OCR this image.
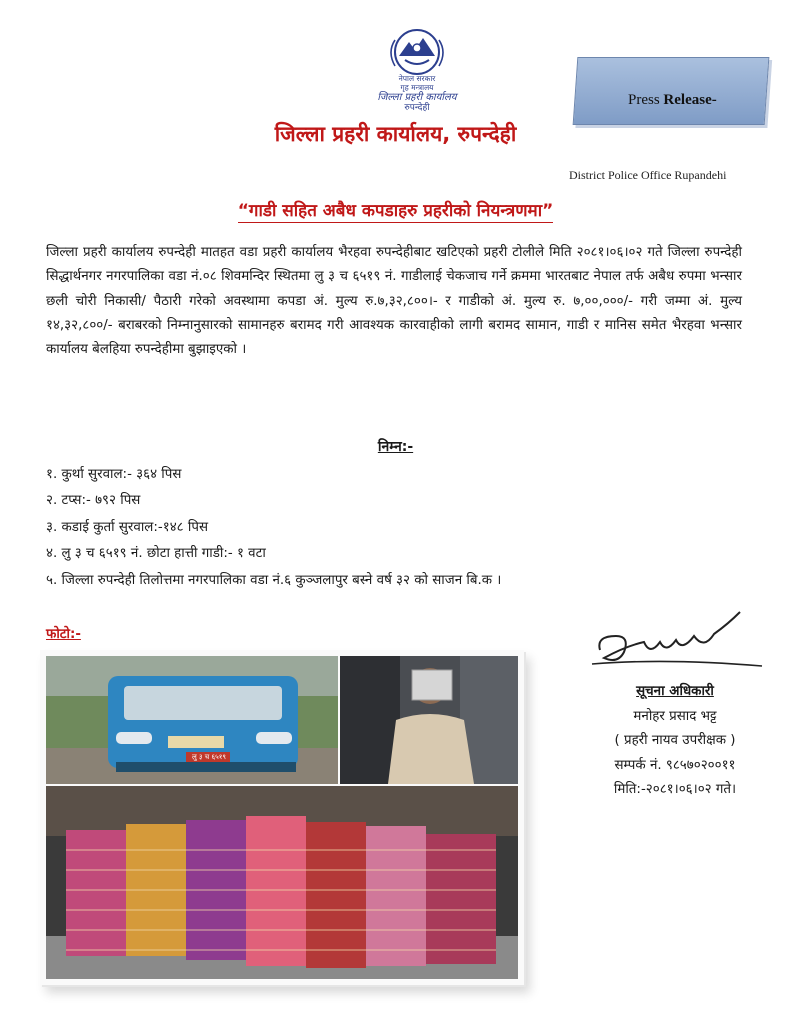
नेपाल सरकार
गृह मन्त्रालय
जिल्ला प्रहरी कार्यालय
रुपन्देही
जिल्ला प्रहरी कार्यालय, रुपन्देही
Press Release-
District Police Office Rupandehi
“गाडी सहित अबैध कपडाहरु प्रहरीको नियन्त्रणमा”
जिल्ला प्रहरी कार्यालय रुपन्देही मातहत वडा प्रहरी कार्यालय भैरहवा रुपन्देहीबाट खटिएको प्रहरी टोलीले मिति २०८१।०६।०२ गते जिल्ला रुपन्देही सिद्धार्थनगर नगरपालिका वडा नं.०८ शिवमन्दिर स्थितमा लु ३ च ६५१९ नं. गाडीलाई चेकजाच गर्ने क्रममा भारतबाट नेपाल तर्फ अबैध रुपमा भन्सार छली चोरी निकासी/ पैठारी गरेको अवस्थामा कपडा अं. मुल्य रु.७,३२,८००।- र गाडीको अं. मुल्य रु. ७,००,०००/- गरी जम्मा अं. मुल्य १४,३२,८००/- बराबरको निम्नानुसारको सामानहरु बरामद गरी आवश्यक कारवाहीको लागी बरामद सामान, गाडी र मानिस समेत भैरहवा भन्सार कार्यालय बेलहिया रुपन्देहीमा बुझाइएको ।
निम्न:-
१. कुर्था सुरवाल:- ३६४ पिस
२. टप्स:- ७९२ पिस
३. कडाई कुर्ता सुरवाल:-१४८ पिस
४. लु ३ च ६५१९ नं. छोटा हात्ती गाडी:- १ वटा
५. जिल्ला रुपन्देही तिलोत्तमा नगरपालिका वडा नं.६ कुञ्जलापुर बस्ने वर्ष ३२ को साजन बि.क ।
फोटो:-
लु ३ च ६५१९
सूचना अधिकारी
मनोहर प्रसाद भट्ट
( प्रहरी नायव उपरीक्षक )
सम्पर्क नं. ९८५७०२००११
मिति:-२०८१।०६।०२ गते।
